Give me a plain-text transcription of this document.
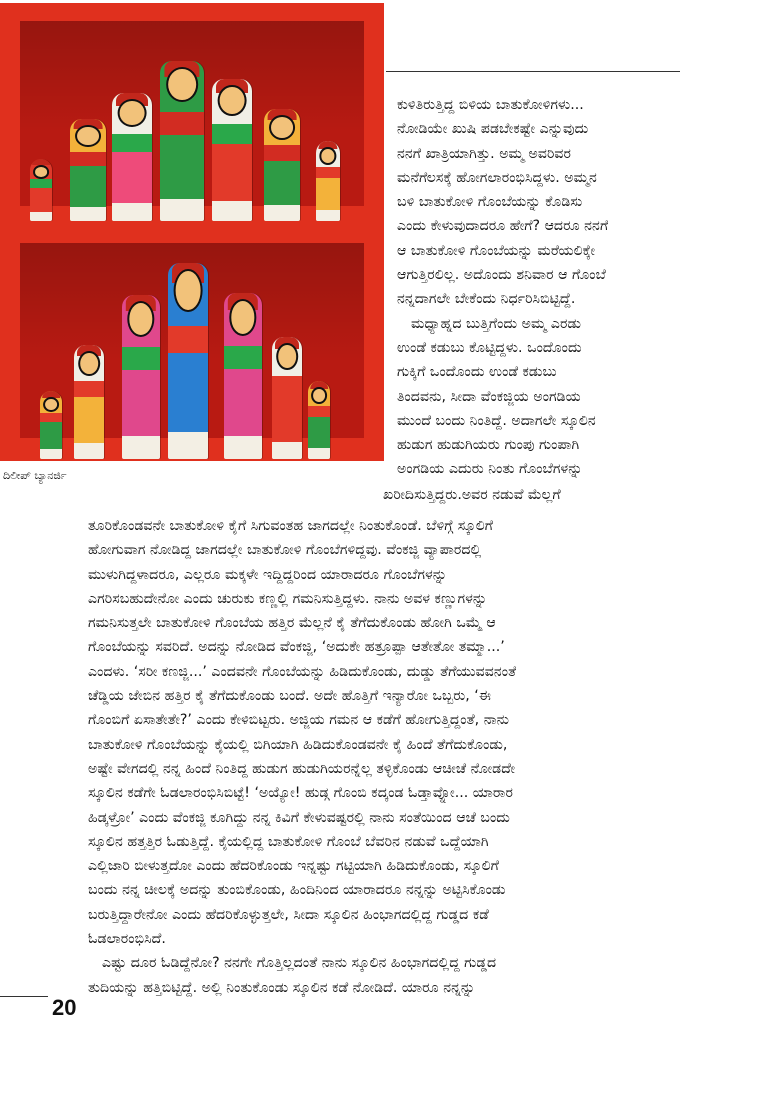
ದಿಲೀಪ್ ಬ್ಯಾನರ್ಜಿ
ಕುಳಿತಿರುತ್ತಿದ್ದ ಬಿಳಿಯ ಬಾತುಕೋಳಿಗಳು...
ನೋಡಿಯೇ ಖುಷಿ ಪಡಬೇಕಷ್ಟೇ ಎನ್ನುವುದು
ನನಗೆ ಖಾತ್ರಿಯಾಗಿತ್ತು. ಅಮ್ಮ ಅವರಿವರ
ಮನೆಗೆಲಸಕ್ಕೆ ಹೋಗಲಾರಂಭಿಸಿದ್ದಳು. ಅಮ್ಮನ
ಬಳಿ ಬಾತುಕೋಳಿ ಗೊಂಬೆಯನ್ನು ಕೊಡಿಸು
ಎಂದು ಕೇಳುವುದಾದರೂ ಹೇಗೆ? ಆದರೂ ನನಗೆ
ಆ ಬಾತುಕೋಳಿ ಗೊಂಬೆಯನ್ನು ಮರೆಯಲಿಕ್ಕೇ
ಆಗುತ್ತಿರಲಿಲ್ಲ. ಅದೊಂದು ಶನಿವಾರ ಆ ಗೊಂಬೆ
ನನ್ನದಾಗಲೇ ಬೇಕೆಂದು ನಿರ್ಧರಿಸಿಬಿಟ್ಟಿದ್ದೆ.
ಮಧ್ಯಾಹ್ನದ ಬುತ್ತಿಗೆಂದು ಅಮ್ಮ ಎರಡು
ಉಂಡೆ ಕಡುಬು ಕೊಟ್ಟಿದ್ದಳು. ಒಂದೊಂದು
ಗುಕ್ಕಿಗೆ ಒಂದೊಂದು ಉಂಡೆ ಕಡುಬು
ತಿಂದವನು, ಸೀದಾ ವೆಂಕಜ್ಜಿಯ ಅಂಗಡಿಯ
ಮುಂದೆ ಬಂದು ನಿಂತಿದ್ದೆ. ಅದಾಗಲೇ ಸ್ಕೂಲಿನ
ಹುಡುಗ ಹುಡುಗಿಯರು ಗುಂಪು ಗುಂಪಾಗಿ
ಅಂಗಡಿಯ ಎದುರು ನಿಂತು ಗೊಂಬೆಗಳನ್ನು
ಖರೀದಿಸುತ್ತಿದ್ದರು.ಅವರ ನಡುವೆ ಮೆಲ್ಲಗೆ
ತೂರಿಕೊಂಡವನೇ ಬಾತುಕೋಳಿ ಕೈಗೆ ಸಿಗುವಂತಹ ಜಾಗದಲ್ಲೇ ನಿಂತುಕೊಂಡೆ. ಬೆಳಿಗ್ಗೆ ಸ್ಕೂಲಿಗೆ
ಹೋಗುವಾಗ ನೋಡಿದ್ದ ಜಾಗದಲ್ಲೇ ಬಾತುಕೋಳಿ ಗೊಂಬೆಗಳಿದ್ದವು. ವೆಂಕಜ್ಜಿ ವ್ಯಾಪಾರದಲ್ಲಿ
ಮುಳುಗಿದ್ದಳಾದರೂ, ಎಲ್ಲರೂ ಮಕ್ಕಳೇ ಇದ್ದಿದ್ದರಿಂದ ಯಾರಾದರೂ ಗೊಂಬೆಗಳನ್ನು
ಎಗರಿಸಬಹುದೇನೋ ಎಂದು ಚುರುಕು ಕಣ್ಣಲ್ಲಿ ಗಮನಿಸುತ್ತಿದ್ದಳು. ನಾನು ಅವಳ ಕಣ್ಣುಗಳನ್ನು
ಗಮನಿಸುತ್ತಲೇ ಬಾತುಕೋಳಿ ಗೊಂಬೆಯ ಹತ್ತಿರ ಮೆಲ್ಲನೆ ಕೈ ತೆಗೆದುಕೊಂಡು ಹೋಗಿ ಒಮ್ಮೆ ಆ
ಗೊಂಬೆಯನ್ನು ಸವರಿದೆ. ಅದನ್ನು ನೋಡಿದ ವೆಂಕಜ್ಜಿ, ‘ಅದುಕೇ ಹತ್ರೂಪ್ಪಾ ಆತೇತೋ ತಮ್ಮಾ...’
ಎಂದಳು. ‘ಸರೀ ಕಣಜ್ಜಿ...’ ಎಂದವನೇ ಗೊಂಬೆಯನ್ನು ಹಿಡಿದುಕೊಂಡು, ದುಡ್ಡು ತೆಗೆಯುವವನಂತೆ
ಚೆಡ್ಡಿಯ ಜೇಬಿನ ಹತ್ತಿರ ಕೈ ತೆಗೆದುಕೊಂಡು ಬಂದೆ. ಅದೇ ಹೊತ್ತಿಗೆ ಇನ್ಯಾರೋ ಒಬ್ಬರು, ‘ಈ
ಗೊಂಬಿಗೆ ಏಸಾತೇತೇ?’ ಎಂದು ಕೇಳಿಬಿಟ್ಟರು. ಅಜ್ಜಿಯ ಗಮನ ಆ ಕಡೆಗೆ ಹೋಗುತ್ತಿದ್ದಂತೆ, ನಾನು
ಬಾತುಕೋಳಿ ಗೊಂಬೆಯನ್ನು ಕೈಯಲ್ಲಿ ಬಿಗಿಯಾಗಿ ಹಿಡಿದುಕೊಂಡವನೇ ಕೈ ಹಿಂದೆ ತೆಗೆದುಕೊಂಡು,
ಅಷ್ಟೇ ವೇಗದಲ್ಲಿ ನನ್ನ ಹಿಂದೆ ನಿಂತಿದ್ದ ಹುಡುಗ ಹುಡುಗಿಯರನ್ನೆಲ್ಲ ತಳ್ಳಿಕೊಂಡು ಆಚೀಚೆ ನೋಡದೇ
ಸ್ಕೂಲಿನ ಕಡೆಗೇ ಓಡಲಾರಂಭಿಸಿಬಿಟ್ಟೆ! ‘ಅಯ್ಯೋ! ಹುಡ್ಗ ಗೊಂಬಿ ಕದ್ಕಂಡ ಓಡ್ತಾವ್ನೋ... ಯಾರಾರ
ಹಿಡ್ಕಳ್ರೋ’ ಎಂದು ವೆಂಕಜ್ಜಿ ಕೂಗಿದ್ದು ನನ್ನ ಕಿವಿಗೆ ಕೇಳುವಷ್ಟರಲ್ಲಿ ನಾನು ಸಂತೆಯಿಂದ ಆಚೆ ಬಂದು
ಸ್ಕೂಲಿನ ಹತ್ತತ್ತಿರ ಓಡುತ್ತಿದ್ದೆ. ಕೈಯಲ್ಲಿದ್ದ ಬಾತುಕೋಳಿ ಗೊಂಬೆ ಬೆವರಿನ ನಡುವೆ ಒದ್ದೆಯಾಗಿ
ಎಲ್ಲಿಜಾರಿ ಬೀಳುತ್ತದೋ ಎಂದು ಹೆದರಿಕೊಂಡು ಇನ್ನಷ್ಟು ಗಟ್ಟಿಯಾಗಿ ಹಿಡಿದುಕೊಂಡು, ಸ್ಕೂಲಿಗೆ
ಬಂದು ನನ್ನ ಚೀಲಕ್ಕೆ ಅದನ್ನು ತುಂಬಿಕೊಂಡು, ಹಿಂದಿನಿಂದ ಯಾರಾದರೂ ನನ್ನನ್ನು ಅಟ್ಟಿಸಿಕೊಂಡು
ಬರುತ್ತಿದ್ದಾರೇನೋ ಎಂದು ಹೆದರಿಕೊಳ್ಳುತ್ತಲೇ, ಸೀದಾ ಸ್ಕೂಲಿನ ಹಿಂಭಾಗದಲ್ಲಿದ್ದ ಗುಡ್ಡದ ಕಡೆ
ಓಡಲಾರಂಭಿಸಿದೆ.
ಎಷ್ಟು ದೂರ ಓಡಿದ್ದೆನೋ? ನನಗೇ ಗೊತ್ತಿಲ್ಲದಂತೆ ನಾನು ಸ್ಕೂಲಿನ ಹಿಂಭಾಗದಲ್ಲಿದ್ದ ಗುಡ್ಡದ
ತುದಿಯನ್ನು ಹತ್ತಿಬಿಟ್ಟಿದ್ದೆ. ಅಲ್ಲಿ ನಿಂತುಕೊಂಡು ಸ್ಕೂಲಿನ ಕಡೆ ನೋಡಿದೆ. ಯಾರೂ ನನ್ನನ್ನು
20
